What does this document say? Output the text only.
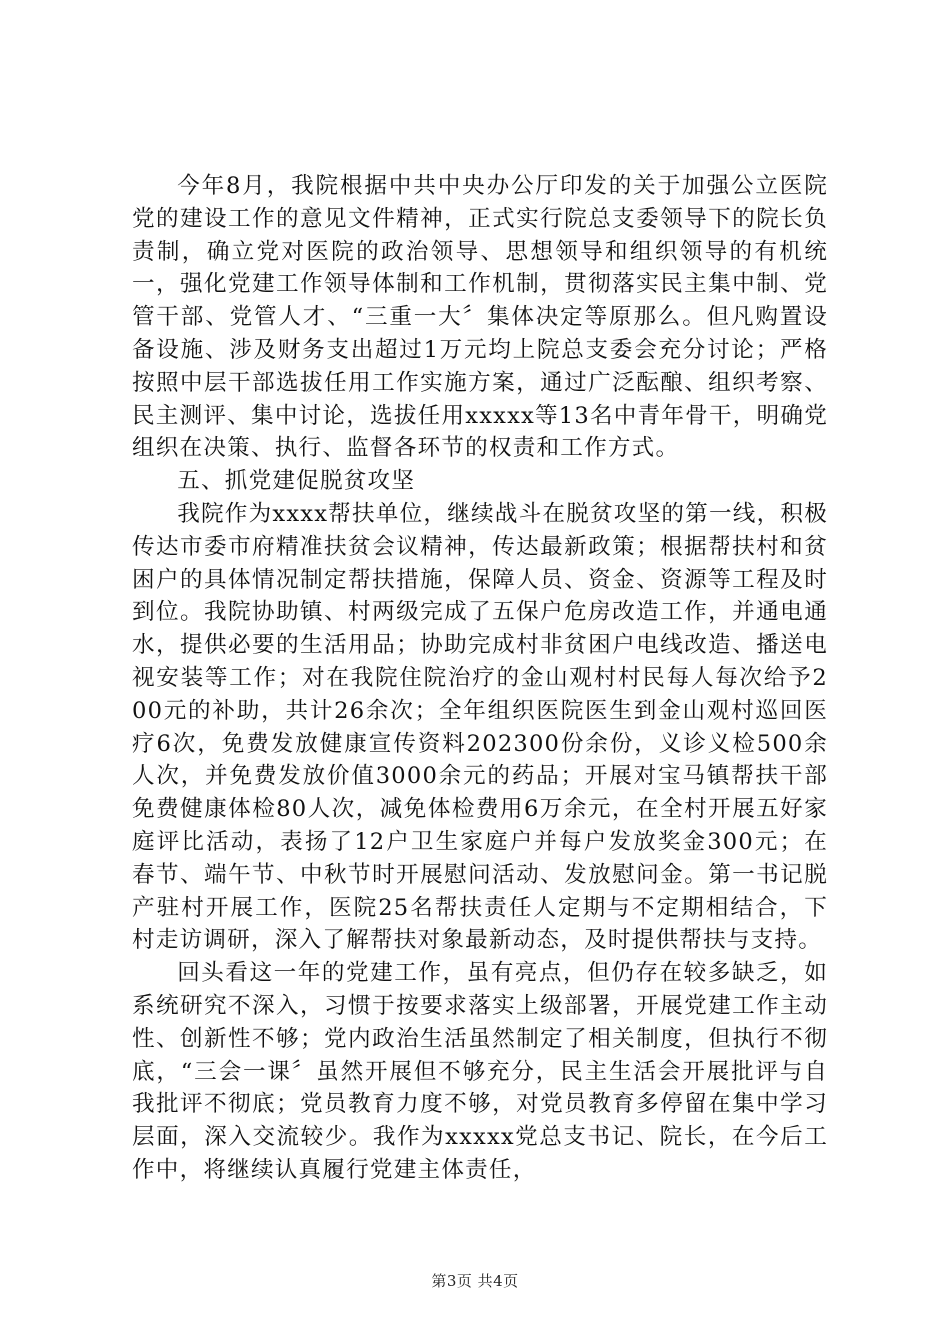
今年8月，我院根据中共中央办公厅印发的关于加强公立医院党的建设工作的意见文件精神，正式实行院总支委领导下的院长负责制，确立党对医院的政治领导、思想领导和组织领导的有机统一，强化党建工作领导体制和工作机制，贯彻落实民主集中制、党管干部、党管人才、“三重一大〞集体决定等原那么。但凡购置设备设施、涉及财务支出超过1万元均上院总支委会充分讨论；严格按照中层干部选拔任用工作实施方案，通过广泛酝酿、组织考察、民主测评、集中讨论，选拔任用xxxxx等13名中青年骨干，明确党组织在决策、执行、监督各环节的权责和工作方式。

五、抓党建促脱贫攻坚

我院作为xxxx帮扶单位，继续战斗在脱贫攻坚的第一线，积极传达市委市府精准扶贫会议精神，传达最新政策；根据帮扶村和贫困户的具体情况制定帮扶措施，保障人员、资金、资源等工程及时到位。我院协助镇、村两级完成了五保户危房改造工作，并通电通水，提供必要的生活用品；协助完成村非贫困户电线改造、播送电视安装等工作；对在我院住院治疗的金山观村村民每人每次给予200元的补助，共计26余次；全年组织医院医生到金山观村巡回医疗6次，免费发放健康宣传资料202300份余份，义诊义检500余人次，并免费发放价值3000余元的药品；开展对宝马镇帮扶干部免费健康体检80人次，减免体检费用6万余元，在全村开展五好家庭评比活动，表扬了12户卫生家庭户并每户发放奖金300元；在春节、端午节、中秋节时开展慰问活动、发放慰问金。第一书记脱产驻村开展工作，医院25名帮扶责任人定期与不定期相结合，下村走访调研，深入了解帮扶对象最新动态，及时提供帮扶与支持。

回头看这一年的党建工作，虽有亮点，但仍存在较多缺乏，如系统研究不深入，习惯于按要求落实上级部署，开展党建工作主动性、创新性不够；党内政治生活虽然制定了相关制度，但执行不彻底，“三会一课〞虽然开展但不够充分，民主生活会开展批评与自我批评不彻底；党员教育力度不够，对党员教育多停留在集中学习层面，深入交流较少。我作为xxxxx党总支书记、院长，在今后工作中，将继续认真履行党建主体责任，

第3页 共4页
